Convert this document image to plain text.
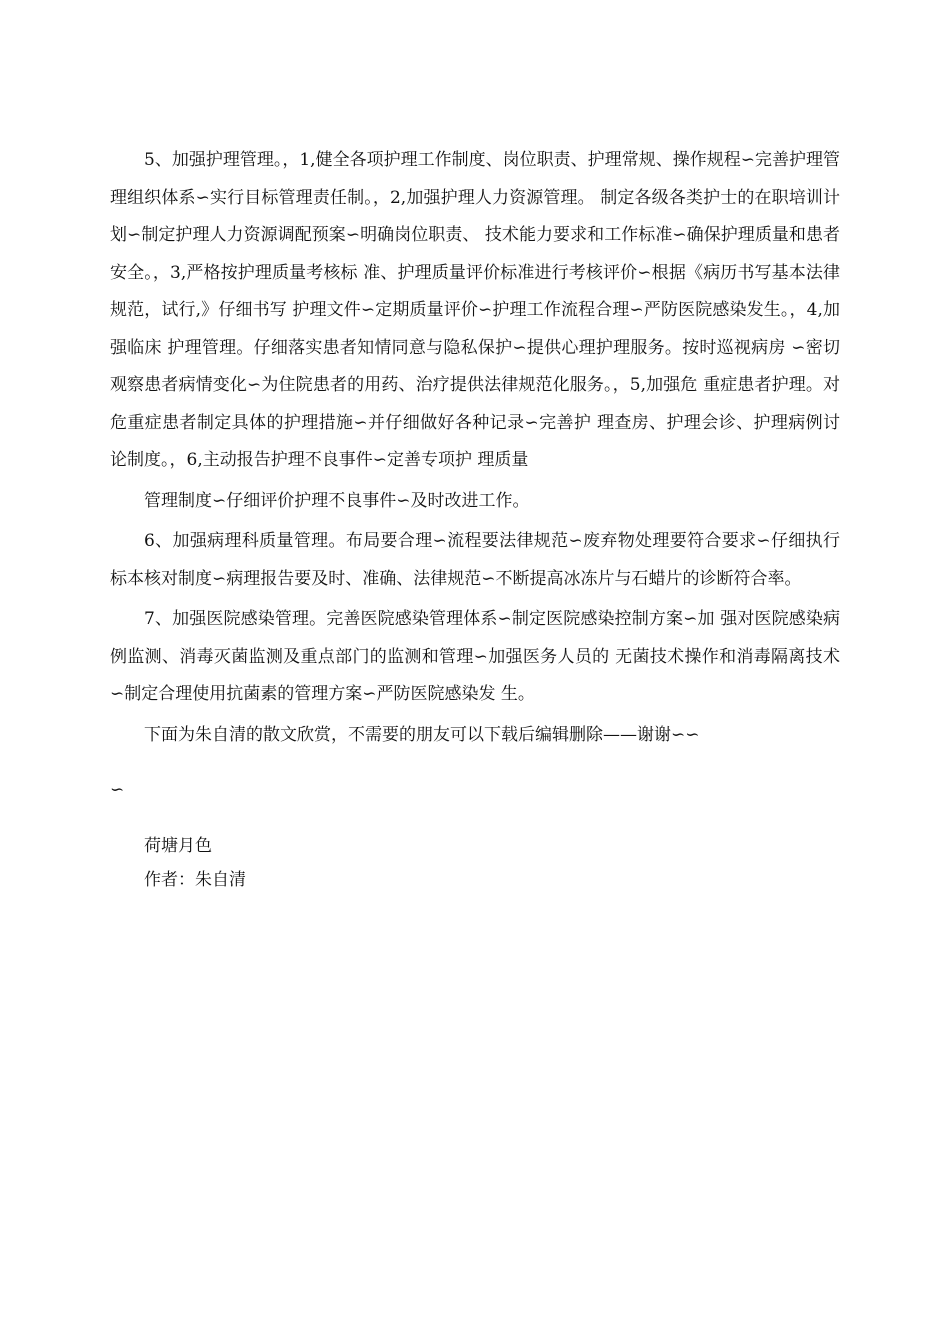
5、加强护理管理。，1,健全各项护理工作制度、岗位职责、护理常规、操作规程∽完善护理管理组织体系∽实行目标管理责任制。，2,加强护理人力资源管理。 制定各级各类护士的在职培训计划∽制定护理人力资源调配预案∽明确岗位职责、 技术能力要求和工作标准∽确保护理质量和患者安全。，3,严格按护理质量考核标 准、护理质量评价标准进行考核评价∽根据《病历书写基本法律规范，试行,》仔细书写 护理文件∽定期质量评价∽护理工作流程合理∽严防医院感染发生。，4,加强临床 护理管理。仔细落实患者知情同意与隐私保护∽提供心理护理服务。按时巡视病房 ∽密切观察患者病情变化∽为住院患者的用药、治疗提供法律规范化服务。，5,加强危 重症患者护理。对危重症患者制定具体的护理措施∽并仔细做好各种记录∽完善护 理查房、护理会诊、护理病例讨论制度。，6,主动报告护理不良事件∽定善专项护 理质量

管理制度∽仔细评价护理不良事件∽及时改进工作。

6、加强病理科质量管理。布局要合理∽流程要法律规范∽废弃物处理要符合要求∽仔细执行标本核对制度∽病理报告要及时、准确、法律规范∽不断提高冰冻片与石蜡片的诊断符合率。

7、加强医院感染管理。完善医院感染管理体系∽制定医院感染控制方案∽加 强对医院感染病例监测、消毒灭菌监测及重点部门的监测和管理∽加强医务人员的 无菌技术操作和消毒隔离技术∽制定合理使用抗菌素的管理方案∽严防医院感染发 生。

下面为朱自清的散文欣赏，不需要的朋友可以下载后编辑删除——谢谢∽∽

∽

荷塘月色

作者：朱自清
